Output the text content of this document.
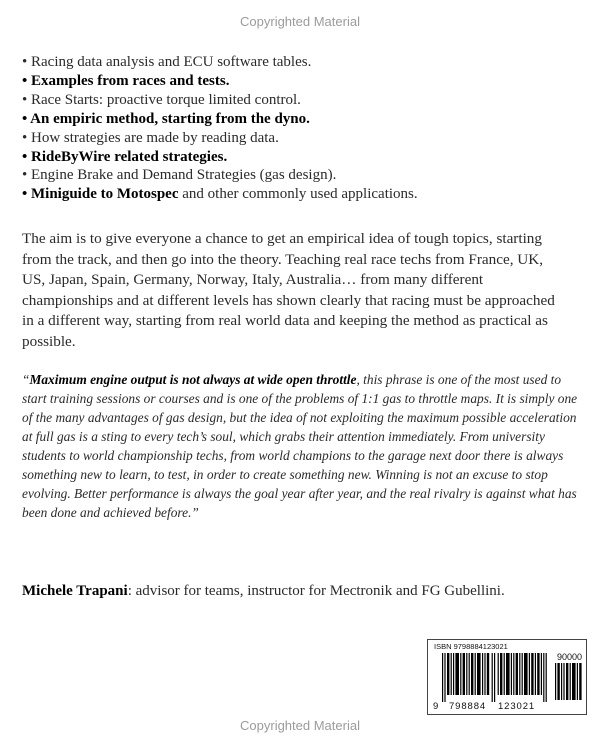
Copyrighted Material
• Racing data analysis and ECU software tables.
• Examples from races and tests.
• Race Starts: proactive torque limited control.
• An empiric method, starting from the dyno.
• How strategies are made by reading data.
• RideByWire related strategies.
• Engine Brake and Demand Strategies (gas design).
• Miniguide to Motospec and other commonly used applications.
The aim is to give everyone a chance to get an empirical idea of tough topics, starting from the track, and then go into the theory. Teaching real race techs from France, UK, US, Japan, Spain, Germany, Norway, Italy, Australia… from many different championships and at different levels has shown clearly that racing must be approached in a different way, starting from real world data and keeping the method as practical as possible.
“Maximum engine output is not always at wide open throttle, this phrase is one of the most used to start training sessions or courses and is one of the problems of 1:1 gas to throttle maps. It is simply one of the many advantages of gas design, but the idea of not exploiting the maximum possible acceleration at full gas is a sting to every tech’s soul, which grabs their attention immediately. From university students to world championship techs, from world champions to the garage next door there is always something new to learn, to test, in order to create something new. Winning is not an excuse to stop evolving. Better performance is always the goal year after year, and the real rivalry is against what has been done and achieved before.”
Michele Trapani: advisor for teams, instructor for Mectronik and FG Gubellini.
ISBN 9798884123021
90000
9 798884 123021
Copyrighted Material
